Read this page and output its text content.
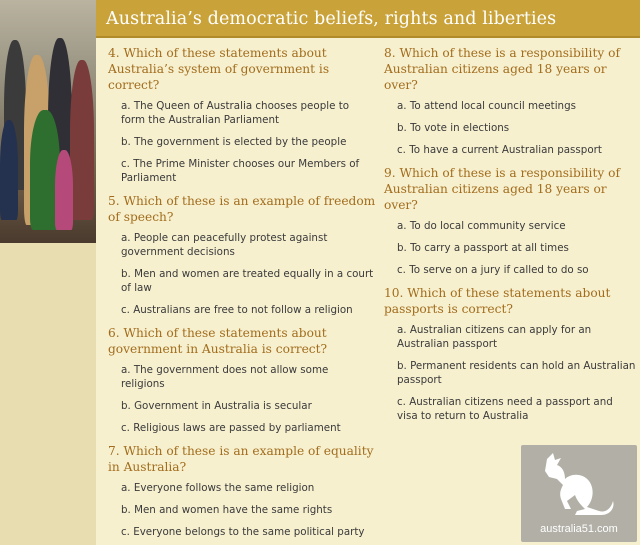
Australia’s democratic beliefs, rights and liberties
4. Which of these statements about Australia’s system of government is correct?
a. The Queen of Australia chooses people to form the Australian Parliament
b. The government is elected by the people
c. The Prime Minister chooses our Members of Parliament
5. Which of these is an example of freedom of speech?
a. People can peacefully protest against government decisions
b. Men and women are treated equally in a court of law
c. Australians are free to not follow a religion
6. Which of these statements about government in Australia is correct?
a. The government does not allow some religions
b. Government in Australia is secular
c. Religious laws are passed by parliament
7. Which of these is an example of equality in Australia?
a. Everyone follows the same religion
b. Men and women have the same rights
c. Everyone belongs to the same political party
8. Which of these is a responsibility of Australian citizens aged 18 years or over?
a. To attend local council meetings
b. To vote in elections
c. To have a current Australian passport
9. Which of these is a responsibility of Australian citizens aged 18 years or over?
a. To do local community service
b. To carry a passport at all times
c. To serve on a jury if called to do so
10. Which of these statements about passports is correct?
a. Australian citizens can apply for an Australian passport
b. Permanent residents can hold an Australian passport
c. Australian citizens need a passport and visa to return to Australia
australia51.com
